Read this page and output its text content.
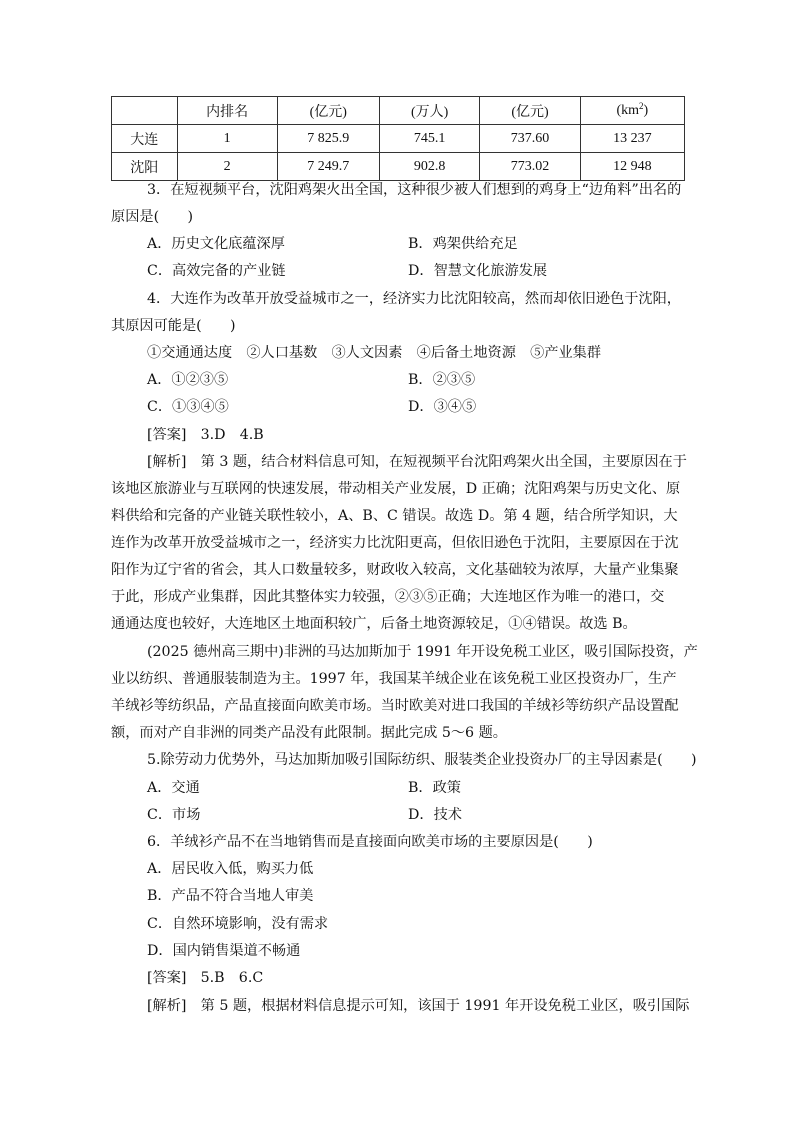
	内排名	(亿元)	(万人)	(亿元)	$(km^2)$
大连	1	7 825.9	745.1	737.60	13 237
沈阳	2	7 249.7	902.8	773.02	12 948
3．在短视频平台，沈阳鸡架火出全国，这种很少被人们想到的鸡身上“边角料”出名的
原因是(　　)
A．历史文化底蕴深厚	B．鸡架供给充足
C．高效完备的产业链	D．智慧文化旅游发展
4．大连作为改革开放受益城市之一，经济实力比沈阳较高，然而却依旧逊色于沈阳，
其原因可能是(　　)
①交通通达度　②人口基数　③人文因素　④后备土地资源　⑤产业集群
A．①②③⑤	B．②③⑤
C．①③④⑤	D．③④⑤
[答案]　3.D　4.B
[解析]　第 3 题，结合材料信息可知，在短视频平台沈阳鸡架火出全国，主要原因在于
该地区旅游业与互联网的快速发展，带动相关产业发展，D 正确；沈阳鸡架与历史文化、原
料供给和完备的产业链关联性较小，A、B、C 错误。故选 D。第 4 题，结合所学知识，大
连作为改革开放受益城市之一，经济实力比沈阳更高，但依旧逊色于沈阳，主要原因在于沈
阳作为辽宁省的省会，其人口数量较多，财政收入较高，文化基础较为浓厚，大量产业集聚
于此，形成产业集群，因此其整体实力较强，②③⑤正确；大连地区作为唯一的港口，交
通通达度也较好，大连地区土地面积较广，后备土地资源较足，①④错误。故选 B。
(2025 德州高三期中)非洲的马达加斯加于 1991 年开设免税工业区，吸引国际投资，产
业以纺织、普通服装制造为主。1997 年，我国某羊绒企业在该免税工业区投资办厂，生产
羊绒衫等纺织品，产品直接面向欧美市场。当时欧美对进口我国的羊绒衫等纺织产品设置配
额，而对产自非洲的同类产品没有此限制。据此完成 5～6 题。
5.除劳动力优势外，马达加斯加吸引国际纺织、服装类企业投资办厂的主导因素是(　　)
A．交通	B．政策
C．市场	D．技术
6．羊绒衫产品不在当地销售而是直接面向欧美市场的主要原因是(　　)
A．居民收入低，购买力低
B．产品不符合当地人审美
C．自然环境影响，没有需求
D．国内销售渠道不畅通
[答案]　5.B　6.C
[解析]　第 5 题，根据材料信息提示可知，该国于 1991 年开设免税工业区，吸引国际
